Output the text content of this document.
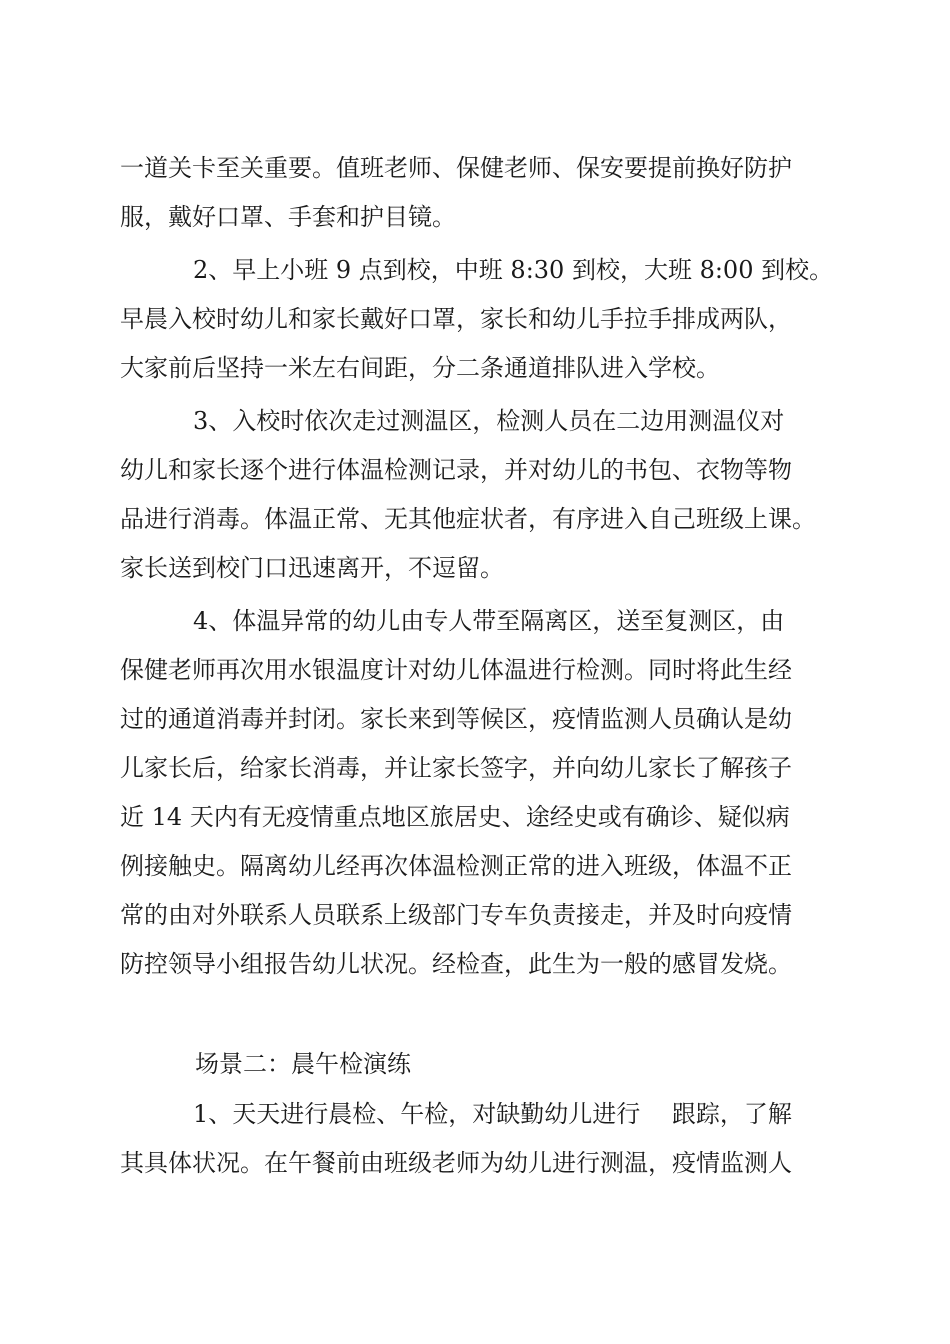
一道关卡至关重要。值班老师、保健老师、保安要提前换好防护
服，戴好口罩、手套和护目镜。
2、早上小班 9 点到校，中班 8:30 到校，大班 8:00 到校。
早晨入校时幼儿和家长戴好口罩，家长和幼儿手拉手排成两队，
大家前后坚持一米左右间距，分二条通道排队进入学校。
3、入校时依次走过测温区，检测人员在二边用测温仪对
幼儿和家长逐个进行体温检测记录，并对幼儿的书包、衣物等物
品进行消毒。体温正常、无其他症状者，有序进入自己班级上课。
家长送到校门口迅速离开，不逗留。
4、体温异常的幼儿由专人带至隔离区，送至复测区，由
保健老师再次用水银温度计对幼儿体温进行检测。同时将此生经
过的通道消毒并封闭。家长来到等候区，疫情监测人员确认是幼
儿家长后，给家长消毒，并让家长签字，并向幼儿家长了解孩子
近 14 天内有无疫情重点地区旅居史、途经史或有确诊、疑似病
例接触史。隔离幼儿经再次体温检测正常的进入班级，体温不正
常的由对外联系人员联系上级部门专车负责接走，并及时向疫情
防控领导小组报告幼儿状况。经检查，此生为一般的感冒发烧。
场景二：晨午检演练
1、天天进行晨检、午检，对缺勤幼儿进行　 跟踪，了解
其具体状况。在午餐前由班级老师为幼儿进行测温，疫情监测人
